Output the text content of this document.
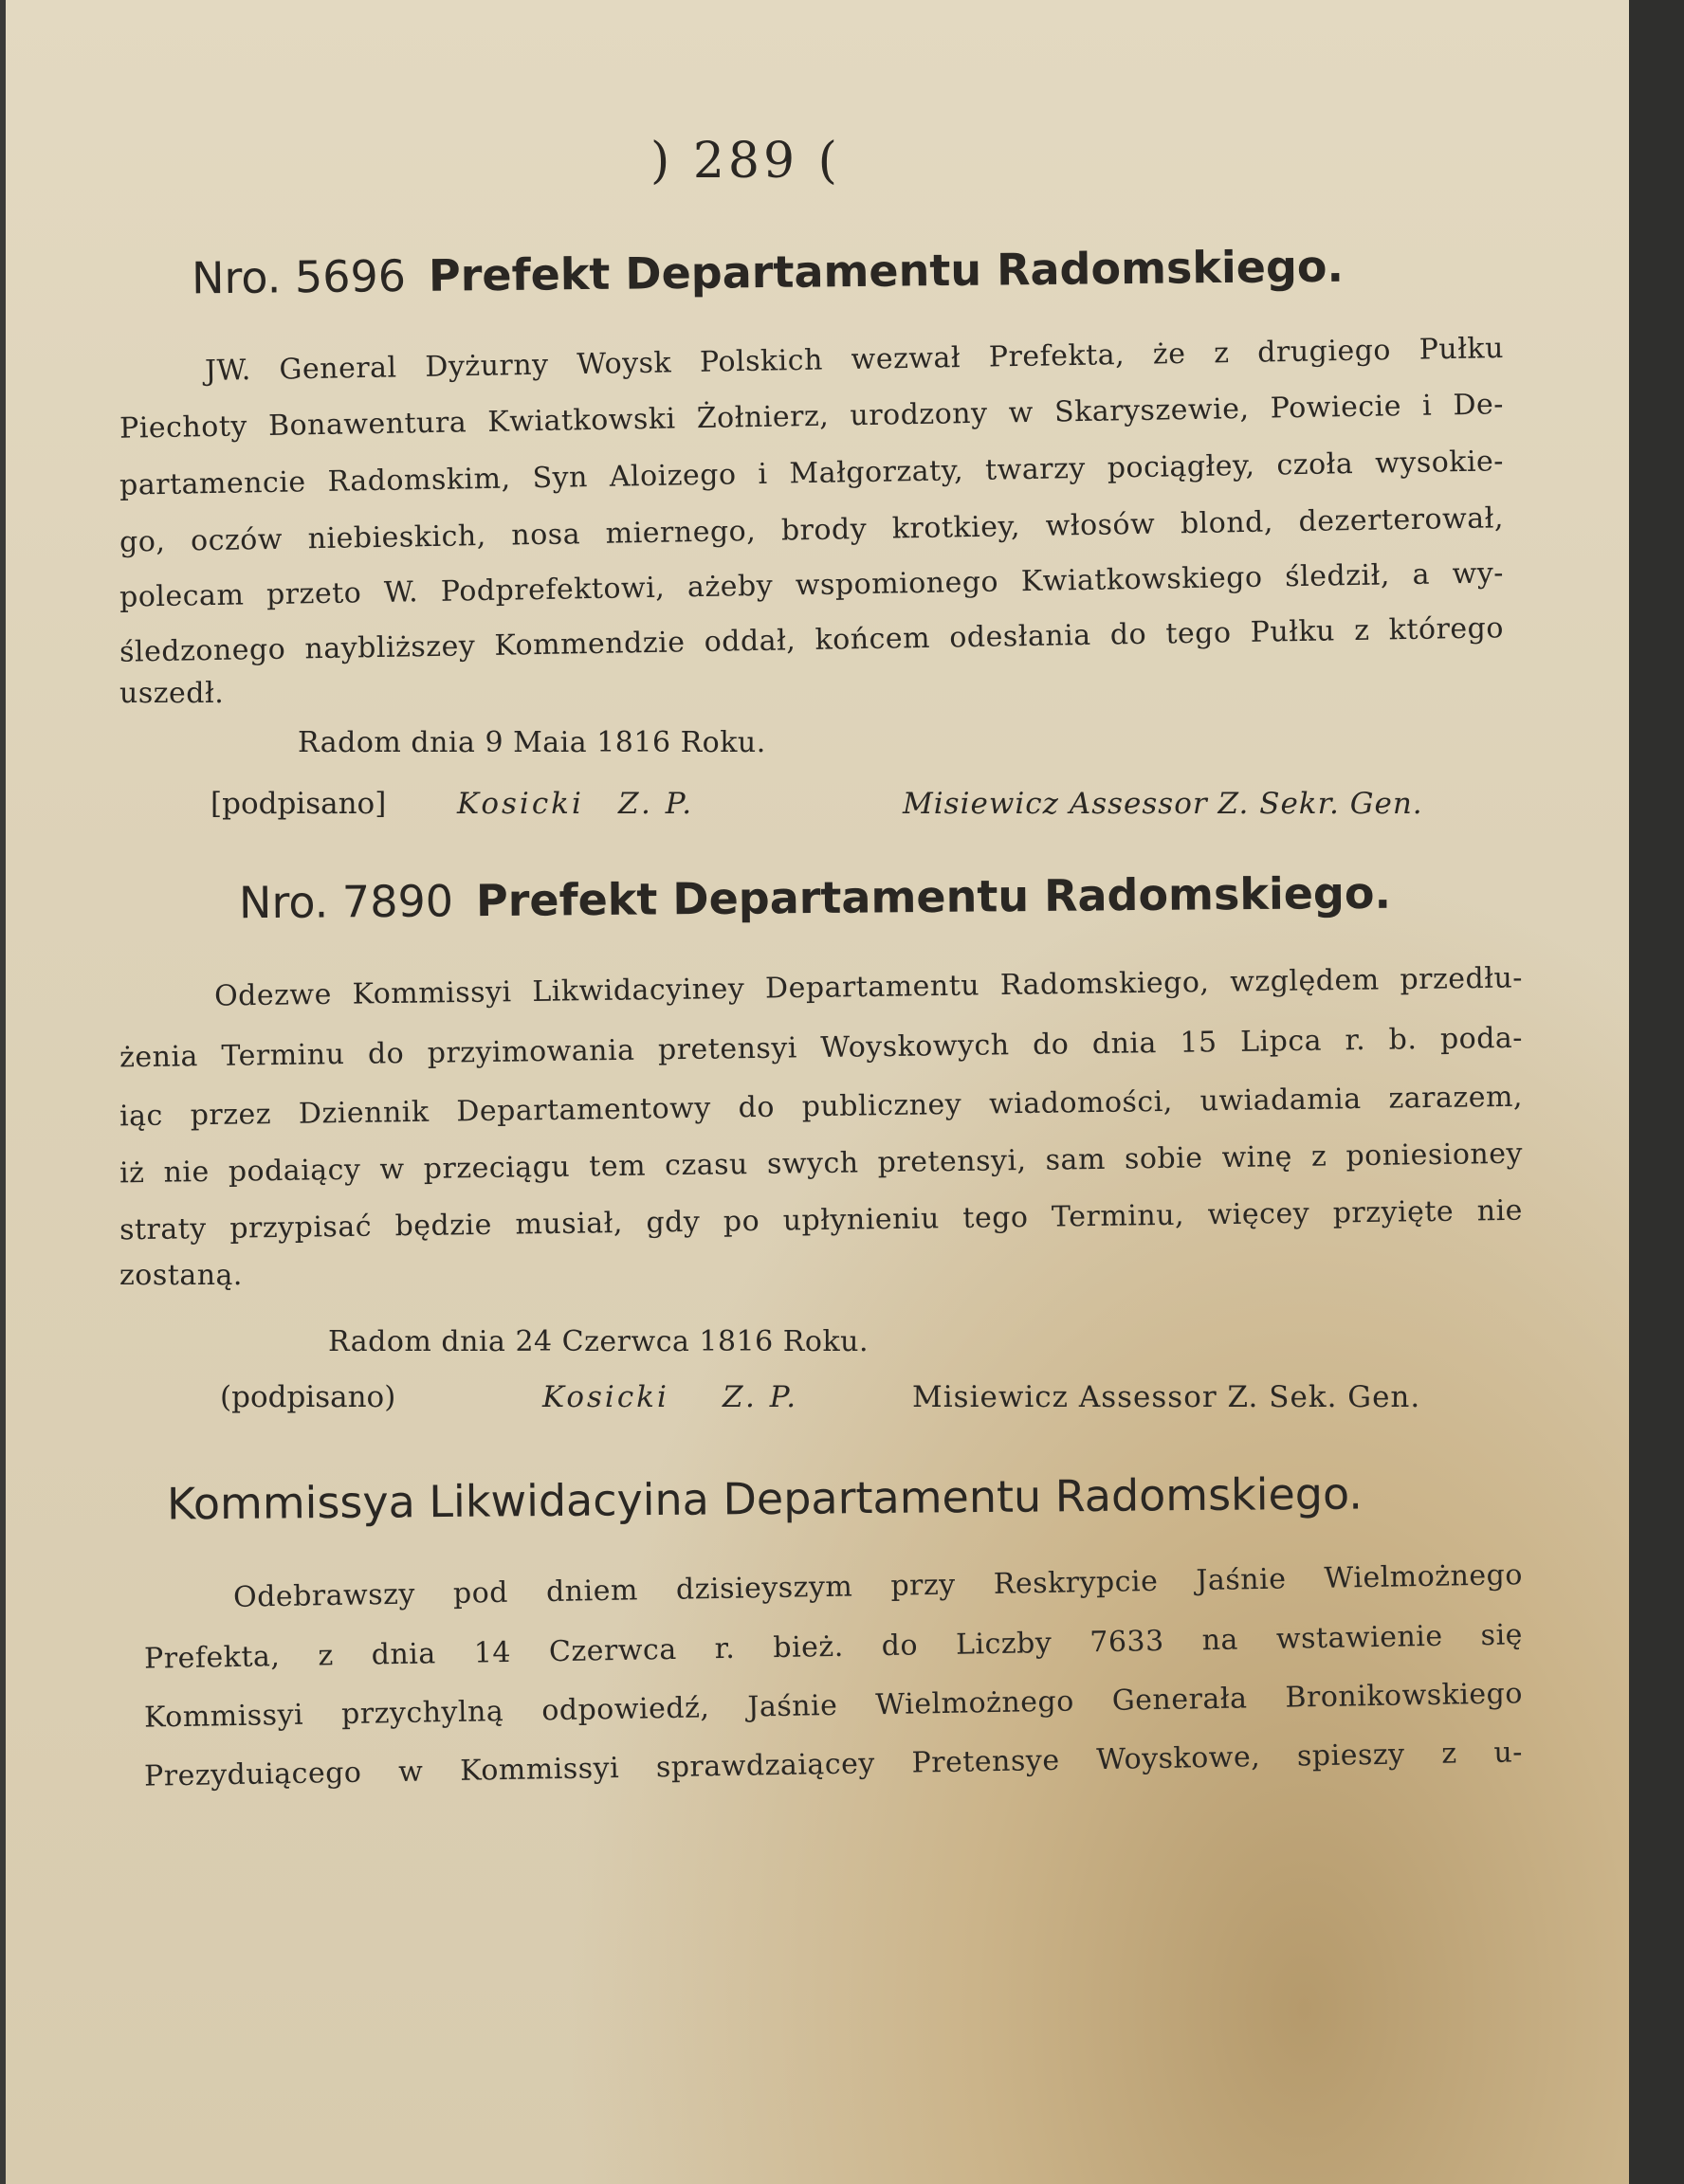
) 289 (
Nro. 5696 Prefekt Departamentu Radomskiego.
JW. General Dyżurny Woysk Polskich wezwał Prefekta, że z drugiego Pułku
Piechoty Bonawentura Kwiatkowski Żołnierz, urodzony w Skaryszewie, Powiecie i De-
partamencie Radomskim, Syn Aloizego i Małgorzaty, twarzy pociągłey, czoła wysokie-
go, oczów niebieskich, nosa miernego, brody krotkiey, włosów blond, dezerterował,
polecam przeto W. Podprefektowi, ażeby wspomionego Kwiatkowskiego śledził, a wy-
śledzonego naybliższey Kommendzie oddał, końcem odesłania do tego Pułku z którego
uszedł.
Radom dnia 9 Maia 1816 Roku.
[podpisano] Kosicki Z. P.	Misiewicz Assessor Z. Sekr. Gen.
Nro. 7890 Prefekt Departamentu Radomskiego.
Odezwe Kommissyi Likwidacyiney Departamentu Radomskiego, względem przedłu-
żenia Terminu do przyimowania pretensyi Woyskowych do dnia 15 Lipca r. b. poda-
iąc przez Dziennik Departamentowy do publiczney wiadomości, uwiadamia zarazem,
iż nie podaiący w przeciągu tem czasu swych pretensyi, sam sobie winę z poniesioney
straty przypisać będzie musiał, gdy po upłynieniu tego Terminu, więcey przyięte nie
zostaną.
Radom dnia 24 Czerwca 1816 Roku.
(podpisano)	Kosicki Z. P.	Misiewicz Assessor Z. Sek. Gen.
Kommissya Likwidacyina Departamentu Radomskiego.
Odebrawszy pod dniem dzisieyszym przy Reskrypcie Jaśnie Wielmożnego
Prefekta, z dnia 14 Czerwca r. bież. do Liczby 7633 na wstawienie się
Kommissyi przychylną odpowiedź, Jaśnie Wielmożnego Generała Bronikowskiego
Prezyduiącego w Kommissyi sprawdzaiącey Pretensye Woyskowe, spieszy z u-
